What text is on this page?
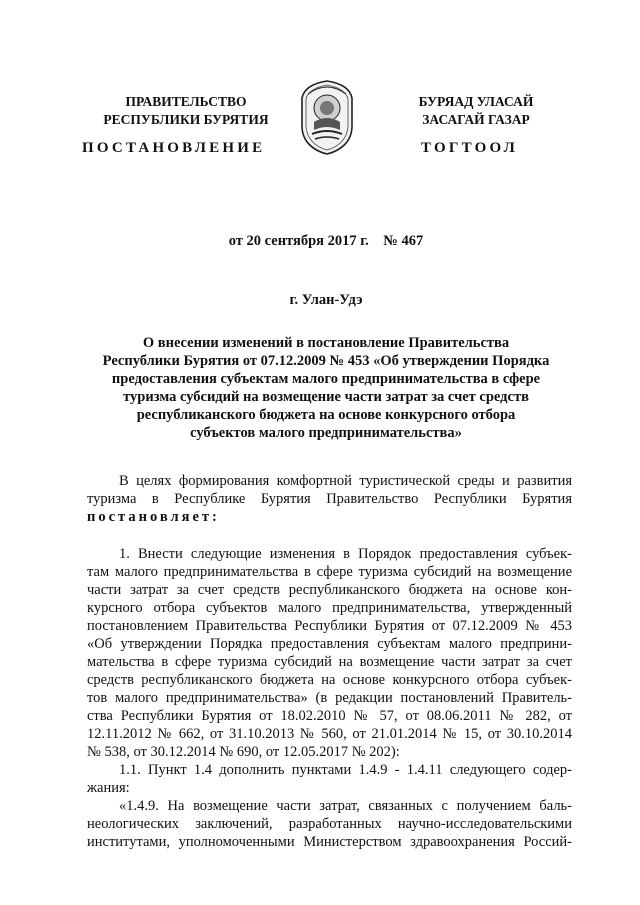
ПРАВИТЕЛЬСТВО
РЕСПУБЛИКИ БУРЯТИЯ
БУРЯАД УЛАСАЙ
ЗАСАГАЙ ГАЗАР
ПОСТАНОВЛЕНИЕ	ТОГТООЛ
от 20 сентября 2017 г.    № 467
г. Улан-Удэ
О внесении изменений в постановление Правительства
Республики Бурятия от 07.12.2009 № 453 «Об утверждении Порядка
предоставления субъектам малого предпринимательства в сфере
туризма субсидий на возмещение части затрат за счет средств
республиканского бюджета на основе конкурсного отбора
субъектов малого предпринимательства»
В целях формирования комфортной туристической среды и развития
туризма в Республике Бурятия Правительство Республики Бурятия
постановляет:
1. Внести следующие изменения в Порядок предоставления субъек-
там малого предпринимательства в сфере туризма субсидий на возмещение
части затрат за счет средств республиканского бюджета на основе кон-
курсного отбора субъектов малого предпринимательства, утвержденный
постановлением Правительства Республики Бурятия от 07.12.2009 № 453
«Об утверждении Порядка предоставления субъектам малого предприни-
мательства в сфере туризма субсидий на возмещение части затрат за счет
средств республиканского бюджета на основе конкурсного отбора субъек-
тов малого предпринимательства» (в редакции постановлений Правитель-
ства Республики Бурятия от 18.02.2010 № 57, от 08.06.2011 № 282, от
12.11.2012 № 662, от 31.10.2013 № 560, от 21.01.2014 № 15, от 30.10.2014
№ 538, от 30.12.2014 № 690, от 12.05.2017 № 202):
1.1. Пункт 1.4 дополнить пунктами 1.4.9 - 1.4.11 следующего содер-
жания:
«1.4.9. На возмещение части затрат, связанных с получением баль-
неологических заключений, разработанных научно-исследовательскими
институтами, уполномоченными Министерством здравоохранения Россий-
